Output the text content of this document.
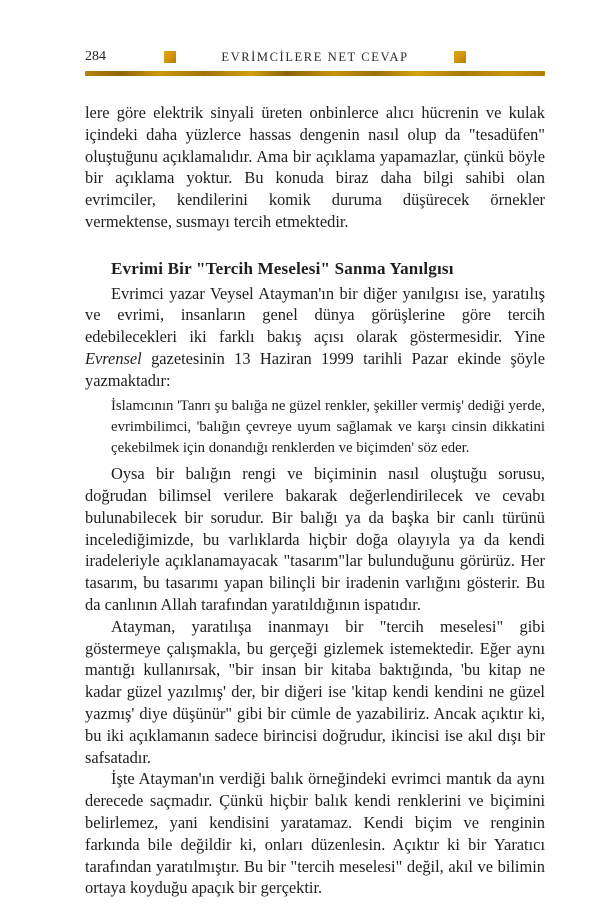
284	EVRİMCİLERE NET CEVAP

lere göre elektrik sinyali üreten onbinlerce alıcı hücrenin ve kulak içindeki daha yüzlerce hassas dengenin nasıl olup da "tesadüfen" oluştuğunu açıklamalıdır. Ama bir açıklama yapamazlar, çünkü böyle bir açıklama yoktur. Bu konuda biraz daha bilgi sahibi olan evrimciler, kendilerini komik duruma düşürecek örnekler vermektense, susmayı tercih etmektedir.

Evrimi Bir "Tercih Meselesi" Sanma Yanılgısı

Evrimci yazar Veysel Atayman'ın bir diğer yanılgısı ise, yaratılış ve evrimi, insanların genel dünya görüşlerine göre tercih edebilecekleri iki farklı bakış açısı olarak göstermesidir. Yine Evrensel gazetesinin 13 Haziran 1999 tarihli Pazar ekinde şöyle yazmaktadır:

İslamcının 'Tanrı şu balığa ne güzel renkler, şekiller vermiş' dediği yerde, evrimbilimci, 'balığın çevreye uyum sağlamak ve karşı cinsin dikkatini çekebilmek için donandığı renklerden ve biçimden' söz eder.

Oysa bir balığın rengi ve biçiminin nasıl oluştuğu sorusu, doğrudan bilimsel verilere bakarak değerlendirilecek ve cevabı bulunabilecek bir sorudur. Bir balığı ya da başka bir canlı türünü incelediğimizde, bu varlıklarda hiçbir doğa olayıyla ya da kendi iradeleriyle açıklanamayacak "tasarım"lar bulunduğunu görürüz. Her tasarım, bu tasarımı yapan bilinçli bir iradenin varlığını gösterir. Bu da canlının Allah tarafından yaratıldığının ispatıdır.

Atayman, yaratılışa inanmayı bir "tercih meselesi" gibi göstermeye çalışmakla, bu gerçeği gizlemek istemektedir. Eğer aynı mantığı kullanırsak, "bir insan bir kitaba baktığında, 'bu kitap ne kadar güzel yazılmış' der, bir diğeri ise 'kitap kendi kendini ne güzel yazmış' diye düşünür" gibi bir cümle de yazabiliriz. Ancak açıktır ki, bu iki açıklamanın sadece birincisi doğrudur, ikincisi ise akıl dışı bir safsatadır.

İşte Atayman'ın verdiği balık örneğindeki evrimci mantık da aynı derecede saçmadır. Çünkü hiçbir balık kendi renklerini ve biçimini belirlemez, yani kendisini yaratamaz. Kendi biçim ve renginin farkında bile değildir ki, onları düzenlesin. Açıktır ki bir Yaratıcı tarafından yaratılmıştır. Bu bir "tercih meselesi" değil, akıl ve bilimin ortaya koyduğu apaçık bir gerçektir.
